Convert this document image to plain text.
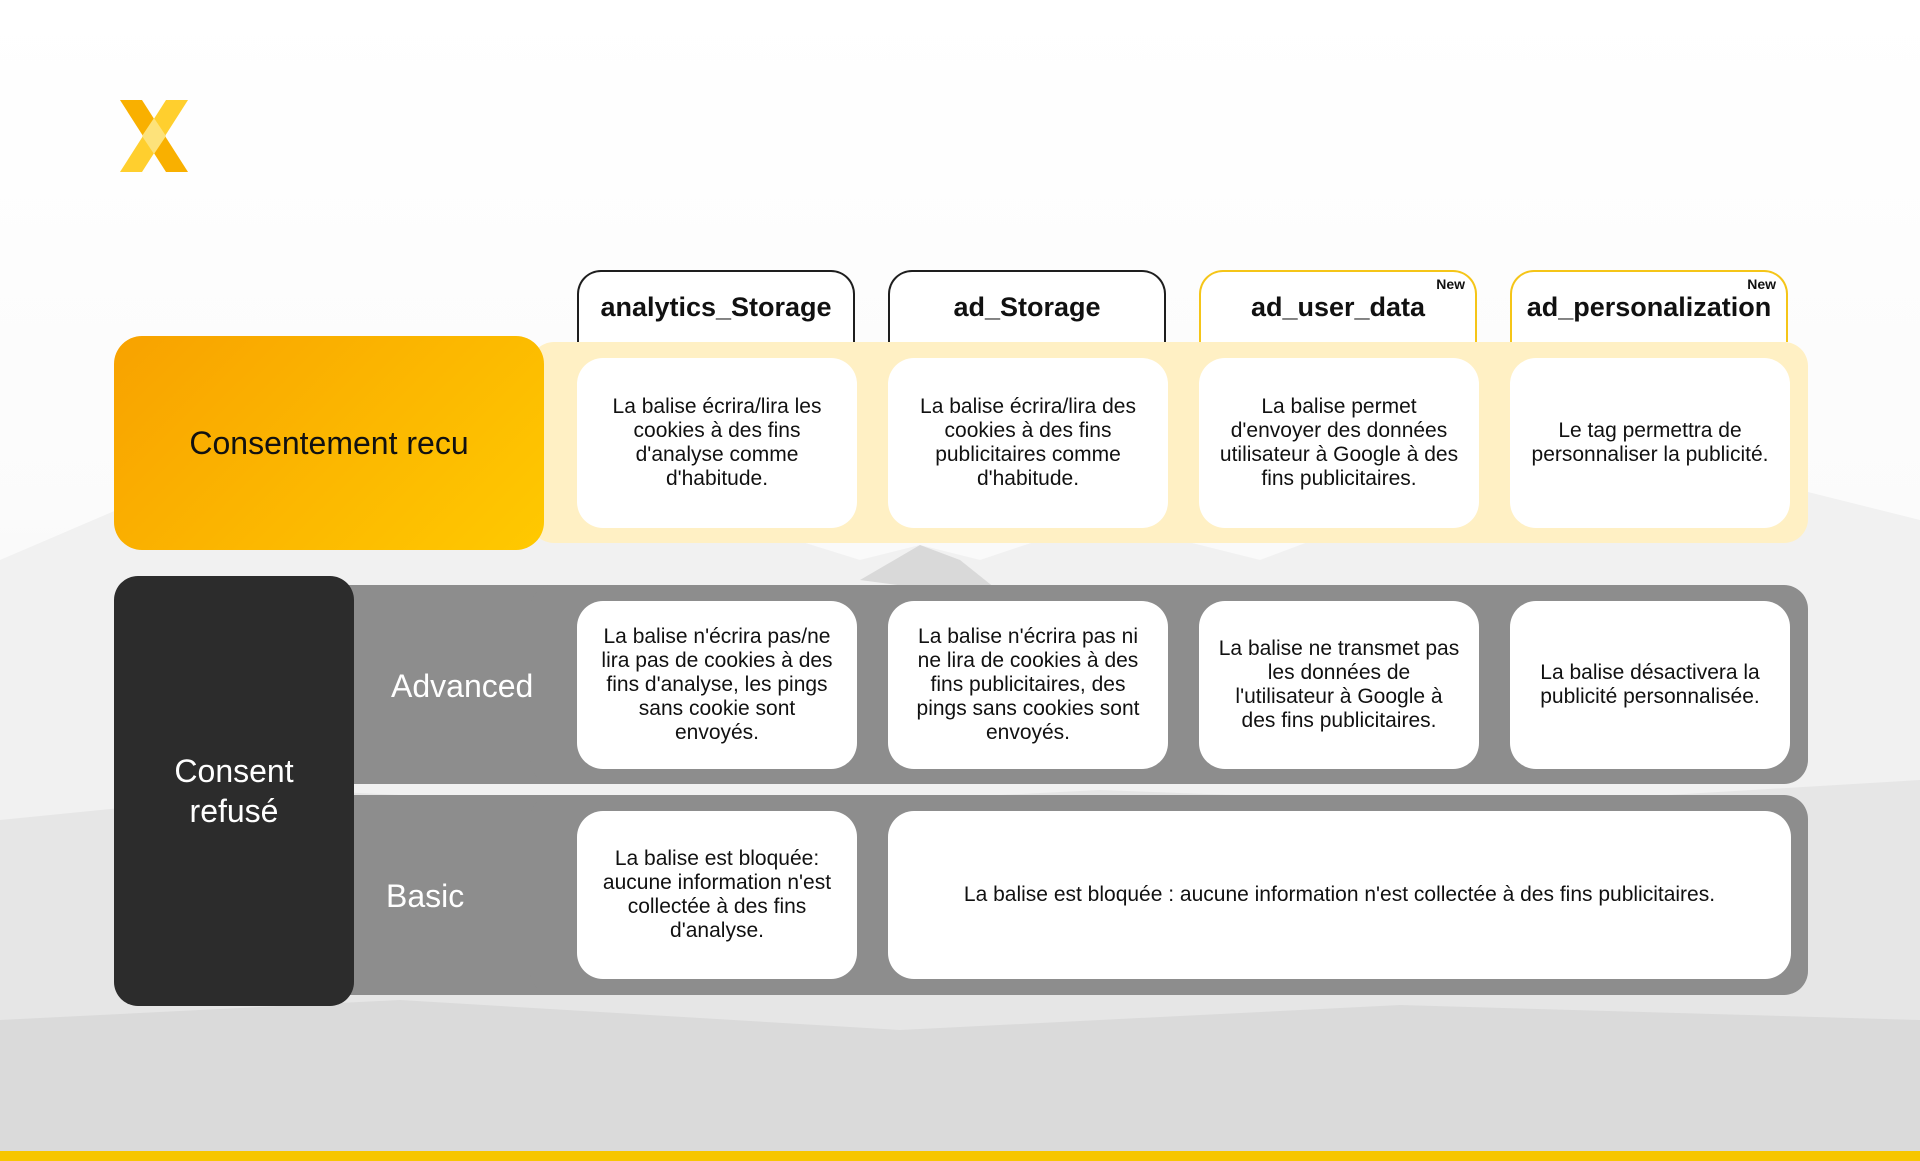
analytics_Storage	ad_Storage
New
ad_user_data
New
ad_personalization
Consentement recu
Consent refusé
Advanced
Basic
La balise écrira/lira les cookies à des fins d'analyse comme d'habitude.
La balise écrira/lira des cookies à des fins publicitaires comme d'habitude.
La balise permet d'envoyer des données utilisateur à Google à des fins publicitaires.
Le tag permettra de personnaliser la publicité.
La balise n'écrira pas/ne lira pas de cookies à des fins d'analyse, les pings sans cookie sont envoyés.
La balise n'écrira pas ni ne lira de cookies à des fins publicitaires, des pings sans cookies sont envoyés.
La balise ne transmet pas les données de l'utilisateur à Google à des fins publicitaires.
La balise désactivera la publicité personnalisée.
La balise est bloquée: aucune information n'est collectée à des fins d'analyse.
La balise est bloquée : aucune information n'est collectée à des fins publicitaires.
